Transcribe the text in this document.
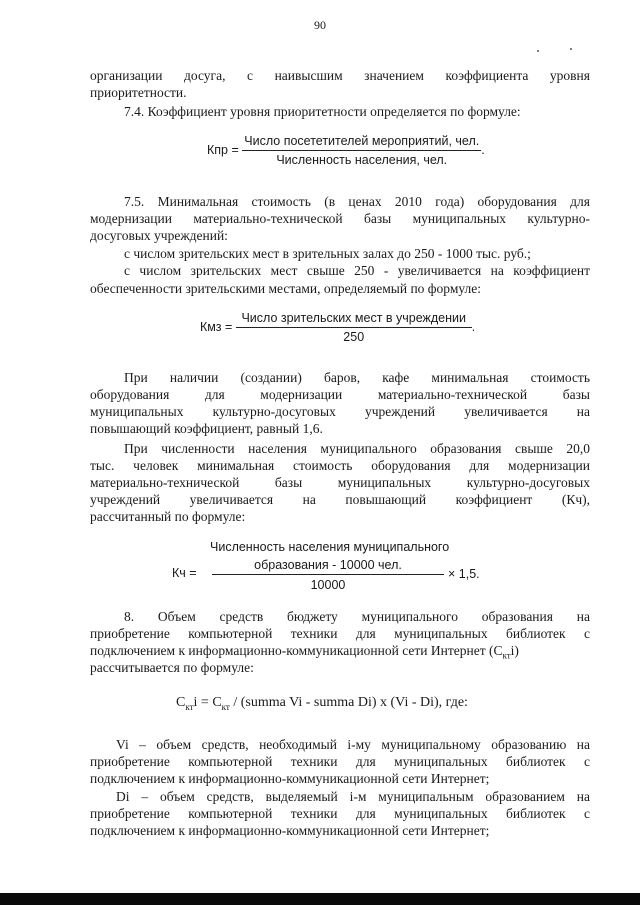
90
организации досуга, с наивысшим значением коэффициента уровня
приоритетности.
7.4. Коэффициент уровня приоритетности определяется по формуле:
Кпр = $\frac{\text{Число посететителей мероприятий, чел.}}{\text{Численность населения, чел.}}$ .
7.5. Минимальная стоимость (в ценах 2010 года) оборудования для
модернизации материально-технической базы муниципальных культурно-
досуговых учреждений:
с числом зрительских мест в зрительных залах до 250 - 1000 тыс. руб.;
с числом зрительских мест свыше 250 - увеличивается на коэффициент
обеспеченности зрительскими местами, определяемый по формуле:
Кмз = $\frac{\text{Число зрительских мест в учреждении}}{250}$ .
При наличии (создании) баров, кафе минимальная стоимость
оборудования для модернизации материально-технической базы
муниципальных культурно-досуговых учреждений увеличивается на
повышающий коэффициент, равный 1,6.
При численности населения муниципального образования свыше 20,0
тыс. человек минимальная стоимость оборудования для модернизации
материально-технической базы муниципальных культурно-досуговых
учреждений увеличивается на повышающий коэффициент (Кч),
рассчитанный по формуле:
Численность населения муниципального
Кч =
образования - 10000 чел.
10000
× 1,5.
8. Объем средств бюджету муниципального образования на
приобретение компьютерной техники для муниципальных библиотек с
подключением к информационно-коммуникационной сети Интернет $(C_{кт}i)$
рассчитывается по формуле:
$C_{кт}i = C_{кт}$ / (summa Vi - summa Di) x (Vi - Di), где:
Vi – объем средств, необходимый i-му муниципальному образованию на
приобретение компьютерной техники для муниципальных библиотек с
подключением к информационно-коммуникационной сети Интернет;
Di – объем средств, выделяемый i-м муниципальным образованием на
приобретение компьютерной техники для муниципальных библиотек с
подключением к информационно-коммуникационной сети Интернет;
